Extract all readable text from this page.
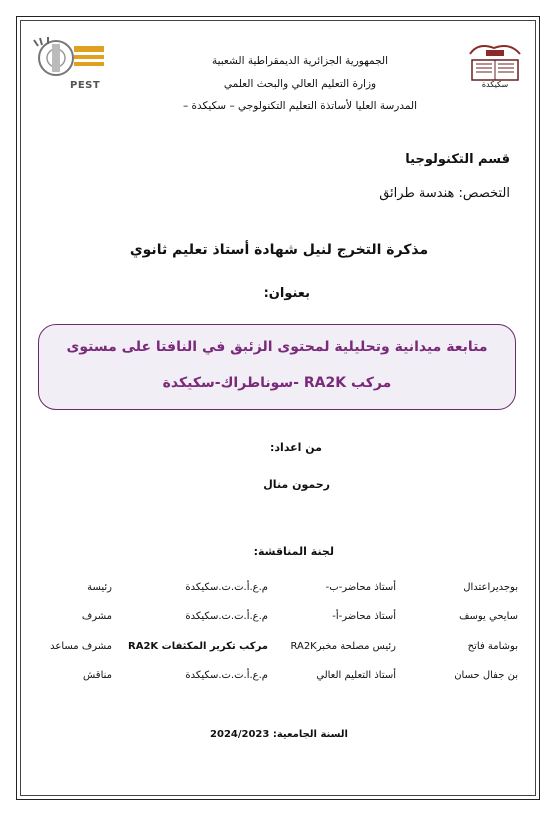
PEST	سكيكدة
الجمهورية الجزائرية الديمقراطية الشعبية
وزارة التعليم العالي والبحث العلمي
المدرسة العليا لأساتذة التعليم التكنولوجي – سكيكدة –
قسم التكنولوجيا
التخصص: هندسة طرائق
مذكرة التخرج لنيل شهادة أستاذ تعليم ثانوي
بعنوان:
متابعة ميدانية وتحليلية لمحتوى الزئبق في النافتا على مستوى
مركب RA2K -سوناطراك-سكيكدة
من اعداد:
رحمون منال
لجنة المناقشة:
بوجديراعتدال
أستاذ محاضر-ب-
م.ع.أ.ت.ت.سكيكدة
رئيسة
سايحي يوسف
أستاذ محاضر-أ-
م.ع.أ.ت.ت.سكيكدة
مشرف
بوشامة فاتح
رئيس مصلحة مخبرRA2K
مركب تكرير المكثفات RA2K
مشرف مساعد
بن جفال حسان
أستاذ التعليم العالي
م.ع.أ.ت.ت.سكيكدة
مناقش
السنة الجامعية: 2024/2023
